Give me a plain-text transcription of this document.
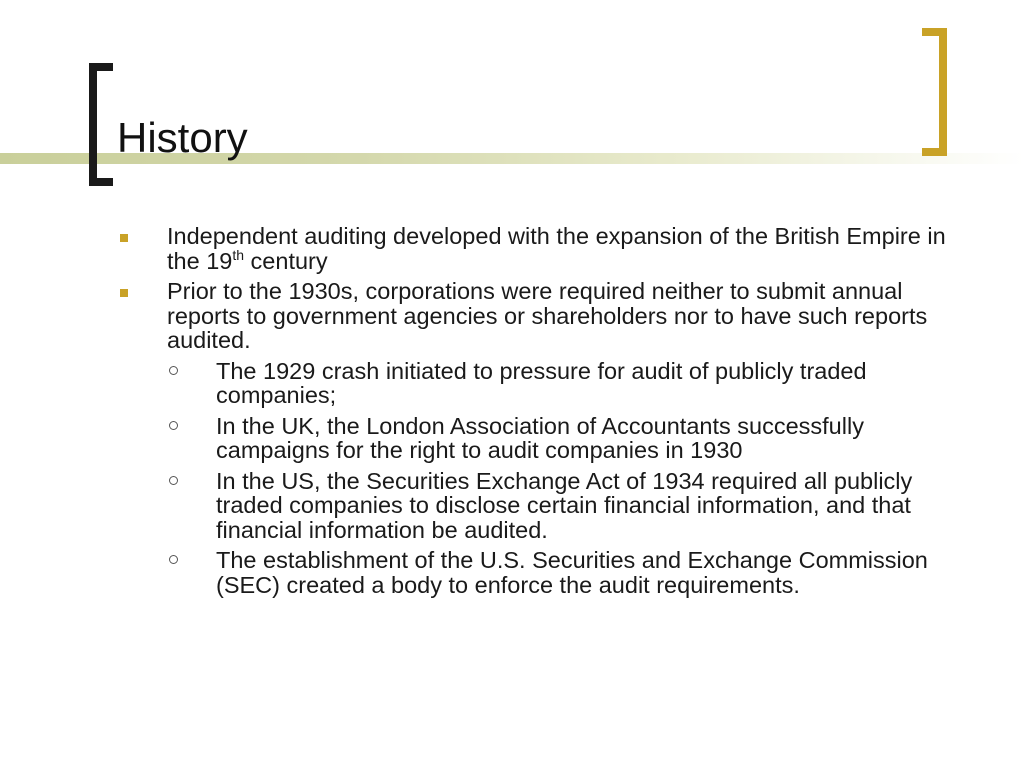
History
Independent auditing developed with the expansion of the British Empire in the 19th century
Prior to the 1930s, corporations were required neither to submit annual reports to government agencies or shareholders nor to have such reports audited.
The 1929 crash initiated to pressure for audit of publicly traded companies;
In the UK, the London Association of Accountants successfully campaigns for the right to audit companies in 1930
In the US, the Securities Exchange Act of 1934 required all publicly traded companies to disclose certain financial information, and that financial information be audited.
The establishment of the U.S. Securities and Exchange Commission (SEC) created a body to enforce the audit requirements.
